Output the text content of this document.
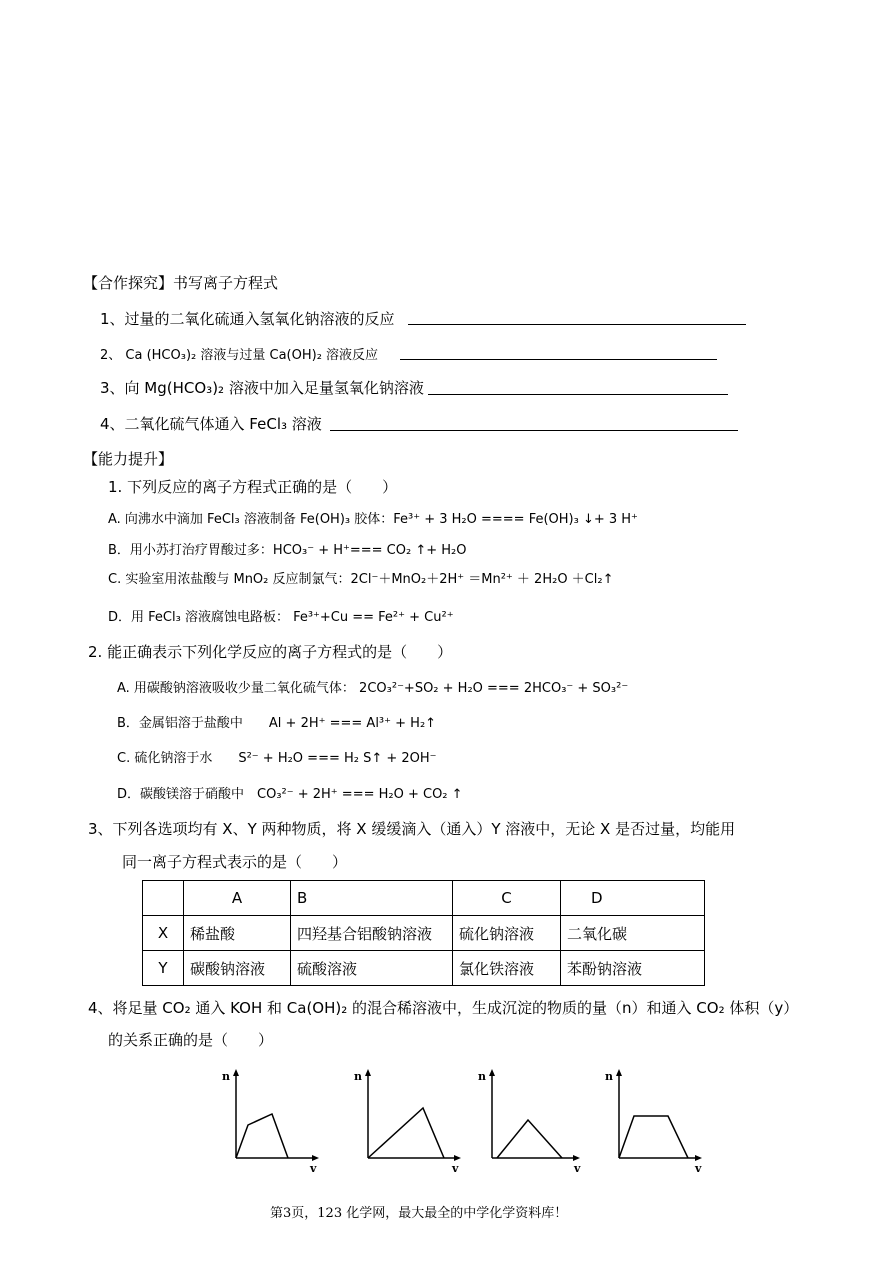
【合作探究】书写离子方程式
1、过量的二氧化硫通入氢氧化钠溶液的反应
2、 Ca (HCO₃)₂ 溶液与过量 Ca(OH)₂ 溶液反应
3、向 Mg(HCO₃)₂ 溶液中加入足量氢氧化钠溶液
4、二氧化硫气体通入 FeCl₃ 溶液
【能力提升】
1. 下列反应的离子方程式正确的是（　　）
A. 向沸水中滴加 FeCl₃ 溶液制备 Fe(OH)₃ 胶体：Fe³⁺ + 3 H₂O ==== Fe(OH)₃ ↓+ 3 H⁺
B．用小苏打治疗胃酸过多：HCO₃⁻ + H⁺=== CO₂ ↑+ H₂O
C. 实验室用浓盐酸与 MnO₂ 反应制氯气：2Cl⁻＋MnO₂＋2H⁺ ＝Mn²⁺ ＋ 2H₂O ＋Cl₂↑
D．用 FeCl₃ 溶液腐蚀电路板： Fe³⁺+Cu == Fe²⁺ + Cu²⁺
2. 能正确表示下列化学反应的离子方程式的是（　　）
A. 用碳酸钠溶液吸收少量二氧化硫气体： 2CO₃²⁻+SO₂ + H₂O === 2HCO₃⁻ + SO₃²⁻
B．金属铝溶于盐酸中　　Al + 2H⁺ === Al³⁺ + H₂↑
C. 硫化钠溶于水　　S²⁻ + H₂O === H₂ S↑ + 2OH⁻
D．碳酸镁溶于硝酸中　CO₃²⁻ + 2H⁺ === H₂O + CO₂ ↑
3、下列各选项均有 X、Y 两种物质，将 X 缓缓滴入（通入）Y 溶液中，无论 X 是否过量，均能用
同一离子方程式表示的是（　　）
	A	B	C	D
X	稀盐酸	四羟基合铝酸钠溶液	硫化钠溶液	二氧化碳
Y	碳酸钠溶液	硫酸溶液	氯化铁溶液	苯酚钠溶液
4、将足量 CO₂ 通入 KOH 和 Ca(OH)₂ 的混合稀溶液中，生成沉淀的物质的量（n）和通入 CO₂ 体积（y）
的关系正确的是（　　）
n
v
n
v
n
v
n
v
第3页，123 化学网，最大最全的中学化学资料库！
